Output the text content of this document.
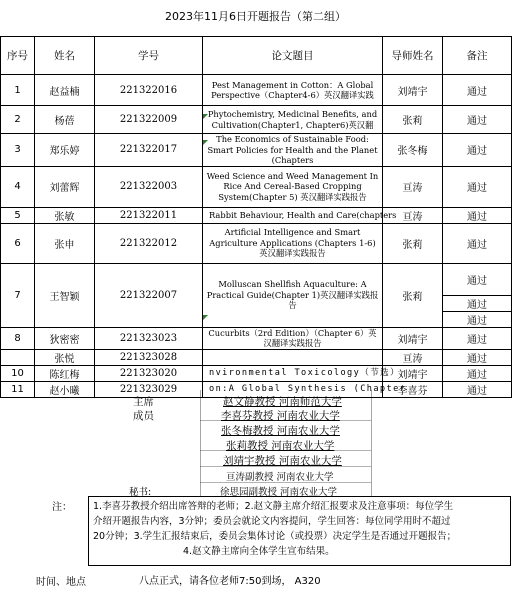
2023年11月6日开题报告（第二组）
序号	姓名	学号	论文题目	导师姓名	备注
1	赵益楠	221322016	Pest Management in Cotton：A Global Perspective（Chapter4-6）英汉翻译实践	刘靖宇	通过
2	杨蓓	221322009	Phytochemistry, Medicinal Benefits, and Cultivation(Chapter1, Chapter6)英汉翻	张莉	通过
3	郑乐婷	221322017	The Economics of Sustainable Food: Smart Policies for Health and the Planet (Chapters	张冬梅	通过
4	刘蕾辉	221322003	Weed Science and Weed Management In Rice And Cereal-Based Cropping System(Chapter 5) 英汉翻译实践报告	亘涛	通过
5	张敏	221322011	Rabbit Behaviour, Health and Care(chapters	亘涛	通过
6	张申	221322012	Artificial Intelligence and Smart Agriculture Applications (Chapters 1-6) 英汉翻译实践报告	张莉	通过
7	王智颖	221322007	Molluscan Shellfish Aquaculture: A Practical Guide(Chapter 1)英汉翻译实践报告	张莉	通过
					通过
					通过
8	狄密密	221323023	Cucurbits（2rd Edition）（Chapter 6）英汉翻译实践报告	刘靖宇	通过
	张悦	221323028		亘涛	通过
10	陈红梅	221323020	nvironmental Toxicology（节选）	刘靖宇	通过
11	赵小曦	221323029	on:A Global Synthesis (Chapter	李喜芬	通过
主席	赵文静教授 河南师范大学
成员	李喜芬教授 河南农业大学
张冬梅教授 河南农业大学
张莉教授 河南农业大学
刘靖宇教授 河南农业大学
亘涛副教授 河南农业大学
秘书:	徐思园副教授 河南农业大学
注： 1.李喜芬教授介绍出席答辩的老师；2.赵文静主席介绍汇报要求及注意事项：每位学生
介绍开题报告内容，3分钟；委员会就论文内容提问，学生回答：每位同学用时不超过
20分钟；3.学生汇报结束后，委员会集体讨论（或投票）决定学生是否通过开题报告；
4.赵文静主席向全体学生宣布结果。
时间、地点	八点正式，请各位老师7:50到场， A320
